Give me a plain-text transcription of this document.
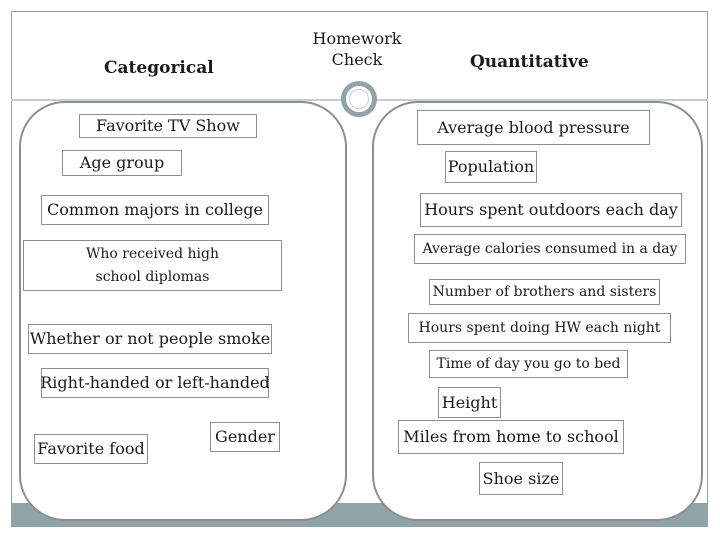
Homework
Check
Categorical	Quantitative
Favorite TV Show
Age group
Common majors in college
Who received high school diplomas
Whether or not people smoke
Right-handed or left-handed
Favorite food
Gender
Average blood pressure
Population
Hours spent outdoors each day
Average calories consumed in a day
Number of brothers and sisters
Hours spent doing HW each night
Time of day you go to bed
Height
Miles from home to school
Shoe size
